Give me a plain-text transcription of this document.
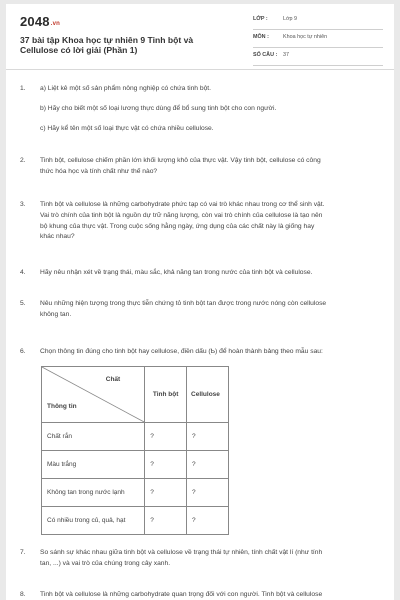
2048.vn
37 bài tập Khoa học tự nhiên 9 Tinh bột và Cellulose có lời giải (Phần 1)
LỚP :	Lớp 9
MÔN :	Khoa học tự nhiên
SỐ CÂU :	37
1. a) Liệt kê một số sản phẩm nông nghiệp có chứa tinh bột.
b) Hãy cho biết một số loại lương thực dùng để bổ sung tinh bột cho con người.
c) Hãy kể tên một số loại thực vật có chứa nhiều cellulose.
2. Tinh bột, cellulose chiếm phần lớn khối lượng khô của thực vật. Vậy tinh bột, cellulose có công
thức hóa học và tính chất như thế nào?
3. Tinh bột và cellulose là những carbohydrate phức tạp có vai trò khác nhau trong cơ thể sinh vật.
Vai trò chính của tinh bột là nguồn dự trữ năng lượng, còn vai trò chính của cellulose là tạo nên
bộ khung của thực vật. Trong cuộc sống hằng ngày, ứng dụng của các chất này là giống hay
khác nhau?
4. Hãy nêu nhận xét về trạng thái, màu sắc, khả năng tan trong nước của tinh bột và cellulose.
5. Nêu những hiện tượng trong thực tiễn chứng tỏ tinh bột tan được trong nước nóng còn cellulose
không tan.
6. Chọn thông tin đúng cho tinh bột hay cellulose, điền dấu (Ƅ) để hoàn thành bảng theo mẫu sau:
Chất
Thông tin	Tinh bột	Cellulose
Chất rắn	?	?
Màu trắng	?	?
Không tan trong nước lạnh	?	?
Có nhiều trong củ, quả, hạt	?	?
7. So sánh sự khác nhau giữa tinh bột và cellulose về trạng thái tự nhiên, tính chất vật lí (như tính
tan, ...) và vai trò của chúng trong cây xanh.
8. Tinh bột và cellulose là những carbohydrate quan trọng đối với con người. Tinh bột và cellulose
